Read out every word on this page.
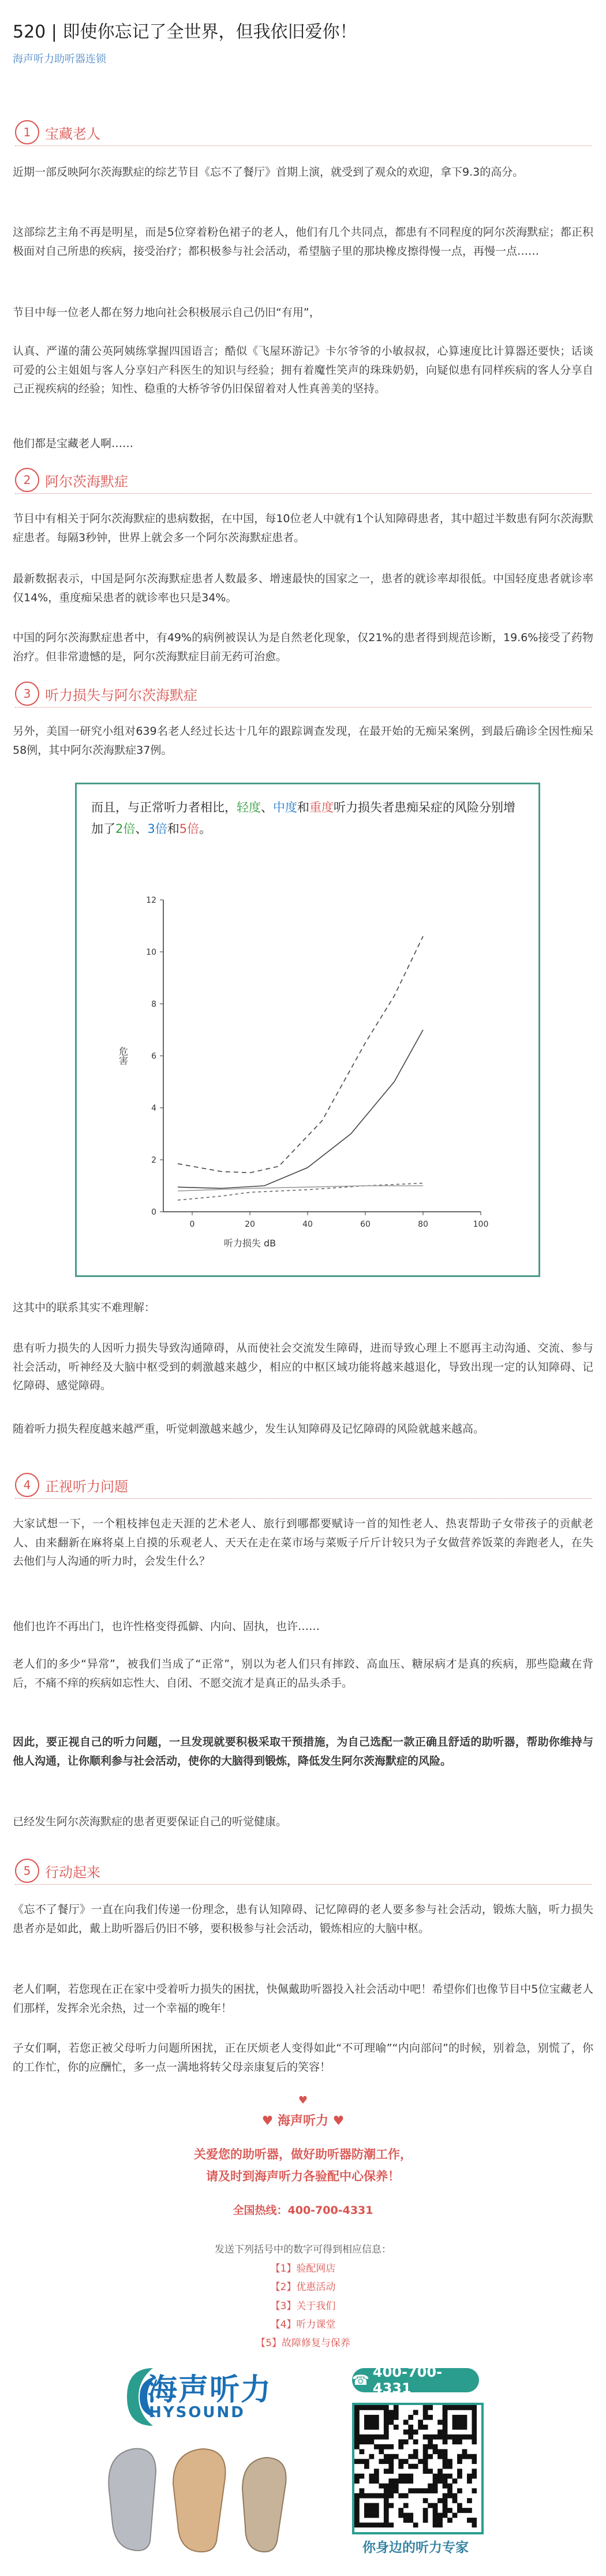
520 | 即使你忘记了全世界，但我依旧爱你！
海声听力助听器连锁
1	宝藏老人

近期一部反映阿尔茨海默症的综艺节目《忘不了餐厅》首期上演，就受到了观众的欢迎，拿下9.3的高分。

这部综艺主角不再是明星，而是5位穿着粉色裙子的老人，他们有几个共同点，都患有不同程度的阿尔茨海默症；都正积极面对自己所患的疾病，接受治疗；都积极参与社会活动，希望脑子里的那块橡皮擦得慢一点，再慢一点……

节目中每一位老人都在努力地向社会积极展示自己仍旧“有用”，

认真、严谨的蒲公英阿姨练掌握四国语言；酷似《飞屋环游记》卡尔爷爷的小敏叔叔，心算速度比计算器还要快；话谈可爱的公主姐姐与客人分享妇产科医生的知识与经验；拥有着魔性笑声的珠珠奶奶，向疑似患有同样疾病的客人分享自己正视疾病的经验；知性、稳重的大桥爷爷仍旧保留着对人性真善美的坚持。

他们都是宝藏老人啊……

2	阿尔茨海默症

节目中有相关于阿尔茨海默症的患病数据，在中国，每10位老人中就有1个认知障碍患者，其中超过半数患有阿尔茨海默症患者。每隔3秒钟，世界上就会多一个阿尔茨海默症患者。

最新数据表示，中国是阿尔茨海默症患者人数最多、增速最快的国家之一，患者的就诊率却很低。中国轻度患者就诊率仅14%，重度痴呆患者的就诊率也只是34%。

中国的阿尔茨海默症患者中，有49%的病例被误认为是自然老化现象，仅21%的患者得到规范诊断，19.6%接受了药物治疗。但非常遗憾的是，阿尔茨海默症目前无药可治愈。

3	听力损失与阿尔茨海默症

另外，美国一研究小组对639名老人经过长达十几年的跟踪调查发现，在最开始的无痴呆案例，到最后确诊全因性痴呆58例，其中阿尔茨海默症37例。

而且，与正常听力者相比，轻度、中度和重度听力损失者患痴呆症的风险分别增加了2倍、3倍和5倍。
0
2
4
6
8
10
12
0	20	40	60	80	100
听力损失 dB
危害

这其中的联系其实不难理解：

患有听力损失的人因听力损失导致沟通障碍，从而使社会交流发生障碍，进而导致心理上不愿再主动沟通、交流、参与社会活动，听神经及大脑中枢受到的刺激越来越少，相应的中枢区域功能将越来越退化，导致出现一定的认知障碍、记忆障碍、感觉障碍。

随着听力损失程度越来越严重，听觉刺激越来越少，发生认知障碍及记忆障碍的风险就越来越高。

4	正视听力问题

大家试想一下，一个粗枝摔包走天涯的艺术老人、旅行到哪都要赋诗一首的知性老人、热衷帮助子女带孩子的贡献老人、由来翻新在麻将桌上自摸的乐观老人、天天在走在菜市场与菜贩子斤斤计较只为子女做营养饭菜的奔跑老人，在失去他们与人沟通的听力时，会发生什么？

他们也许不再出门，也许性格变得孤僻、内向、固执，也许……

老人们的多少“异常”，被我们当成了“正常”，别以为老人们只有摔跤、高血压、糖尿病才是真的疾病，那些隐藏在背后，不痛不痒的疾病如忘性大、自闭、不愿交流才是真正的品头杀手。

因此，要正视自己的听力问题，一旦发现就要积极采取干预措施，为自己选配一款正确且舒适的助听器，帮助你维持与他人沟通，让你顺利参与社会活动，使你的大脑得到锻炼，降低发生阿尔茨海默症的风险。

已经发生阿尔茨海默症的患者更要保证自己的听觉健康。

5	行动起来

《忘不了餐厅》一直在向我们传递一份理念，患有认知障碍、记忆障碍的老人要多参与社会活动，锻炼大脑，听力损失患者亦是如此，戴上助听器后仍旧不够，要积极参与社会活动，锻炼相应的大脑中枢。

老人们啊，若您现在正在家中受着听力损失的困扰，快佩戴助听器投入社会活动中吧！希望你们也像节目中5位宝藏老人们那样，发挥余光余热，过一个幸福的晚年！

子女们啊，若您正被父母听力问题所困扰，正在厌烦老人变得如此“不可理喻”“内向部问”的时候，别着急，别慌了，你的工作忙，你的应酬忙，多一点一满地将转父母亲康复后的笑容！

♥
♥ 海声听力 ♥
关爱您的助听器，做好助听器防潮工作，
请及时到海声听力各验配中心保养！
全国热线：400-700-4331
发送下列括号中的数字可得到相应信息：
【1】验配网店
【2】优惠活动
【3】关于我们
【4】听力课堂
【5】故障修复与保养
海声听力
HYSOUND
☎ 400-700-4331
你身边的听力专家
